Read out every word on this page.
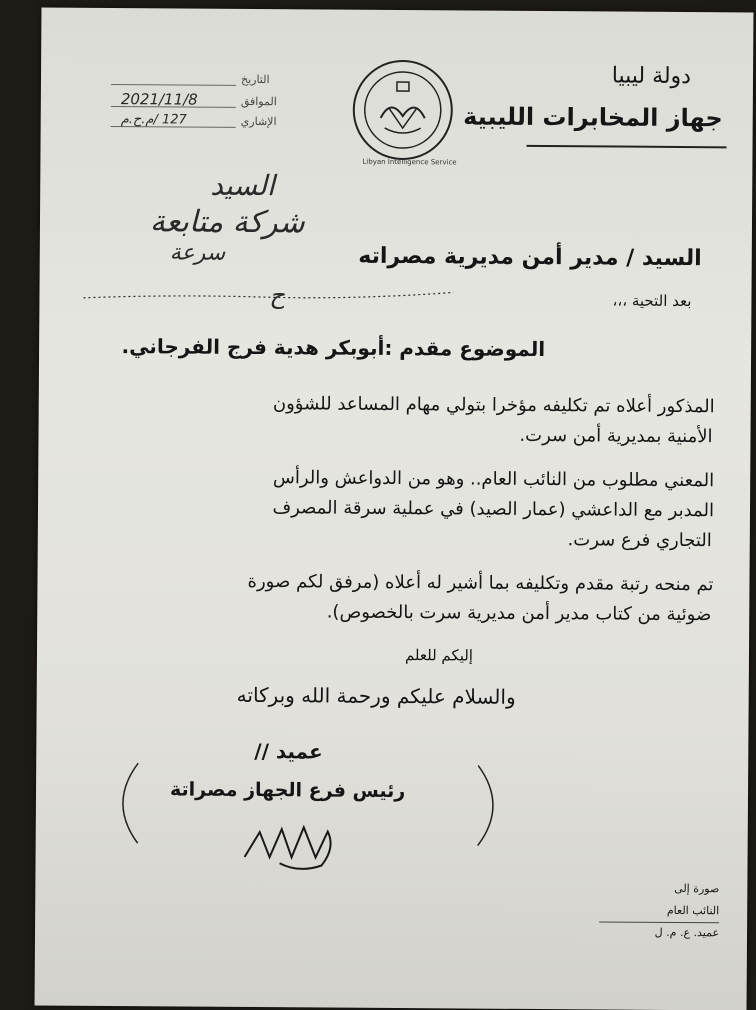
دولة ليبيا
جهاز المخابرات الليبية
Libyan Intelligence Service
التاريخ
الموافق
الإشاري
2021/11/8
127 /م.ح.م
السيد
شركة متابعة
سرعة
ح
السيد / مدير أمن مديرية مصراته
بعد التحية ،،،
الموضوع مقدم :أبوبكر هدية فرج الفرجاني.
المذكور أعلاه تم تكليفه مؤخرا بتولي مهام المساعد للشؤون
الأمنية بمديرية أمن سرت.
المعني مطلوب من النائب العام.. وهو من الدواعش والرأس
المدبر مع الداعشي (عمار الصيد) في عملية سرقة المصرف
التجاري فرع سرت.
تم منحه رتبة مقدم وتكليفه بما أشير له أعلاه (مرفق لكم صورة
ضوئية من كتاب مدير أمن مديرية سرت بالخصوص).
إليكم للعلم
والسلام عليكم ورحمة الله وبركاته
عميد //
رئيس فرع الجهاز مصراتة
صورة إلى
النائب العام
عميد. ع. م. ل
